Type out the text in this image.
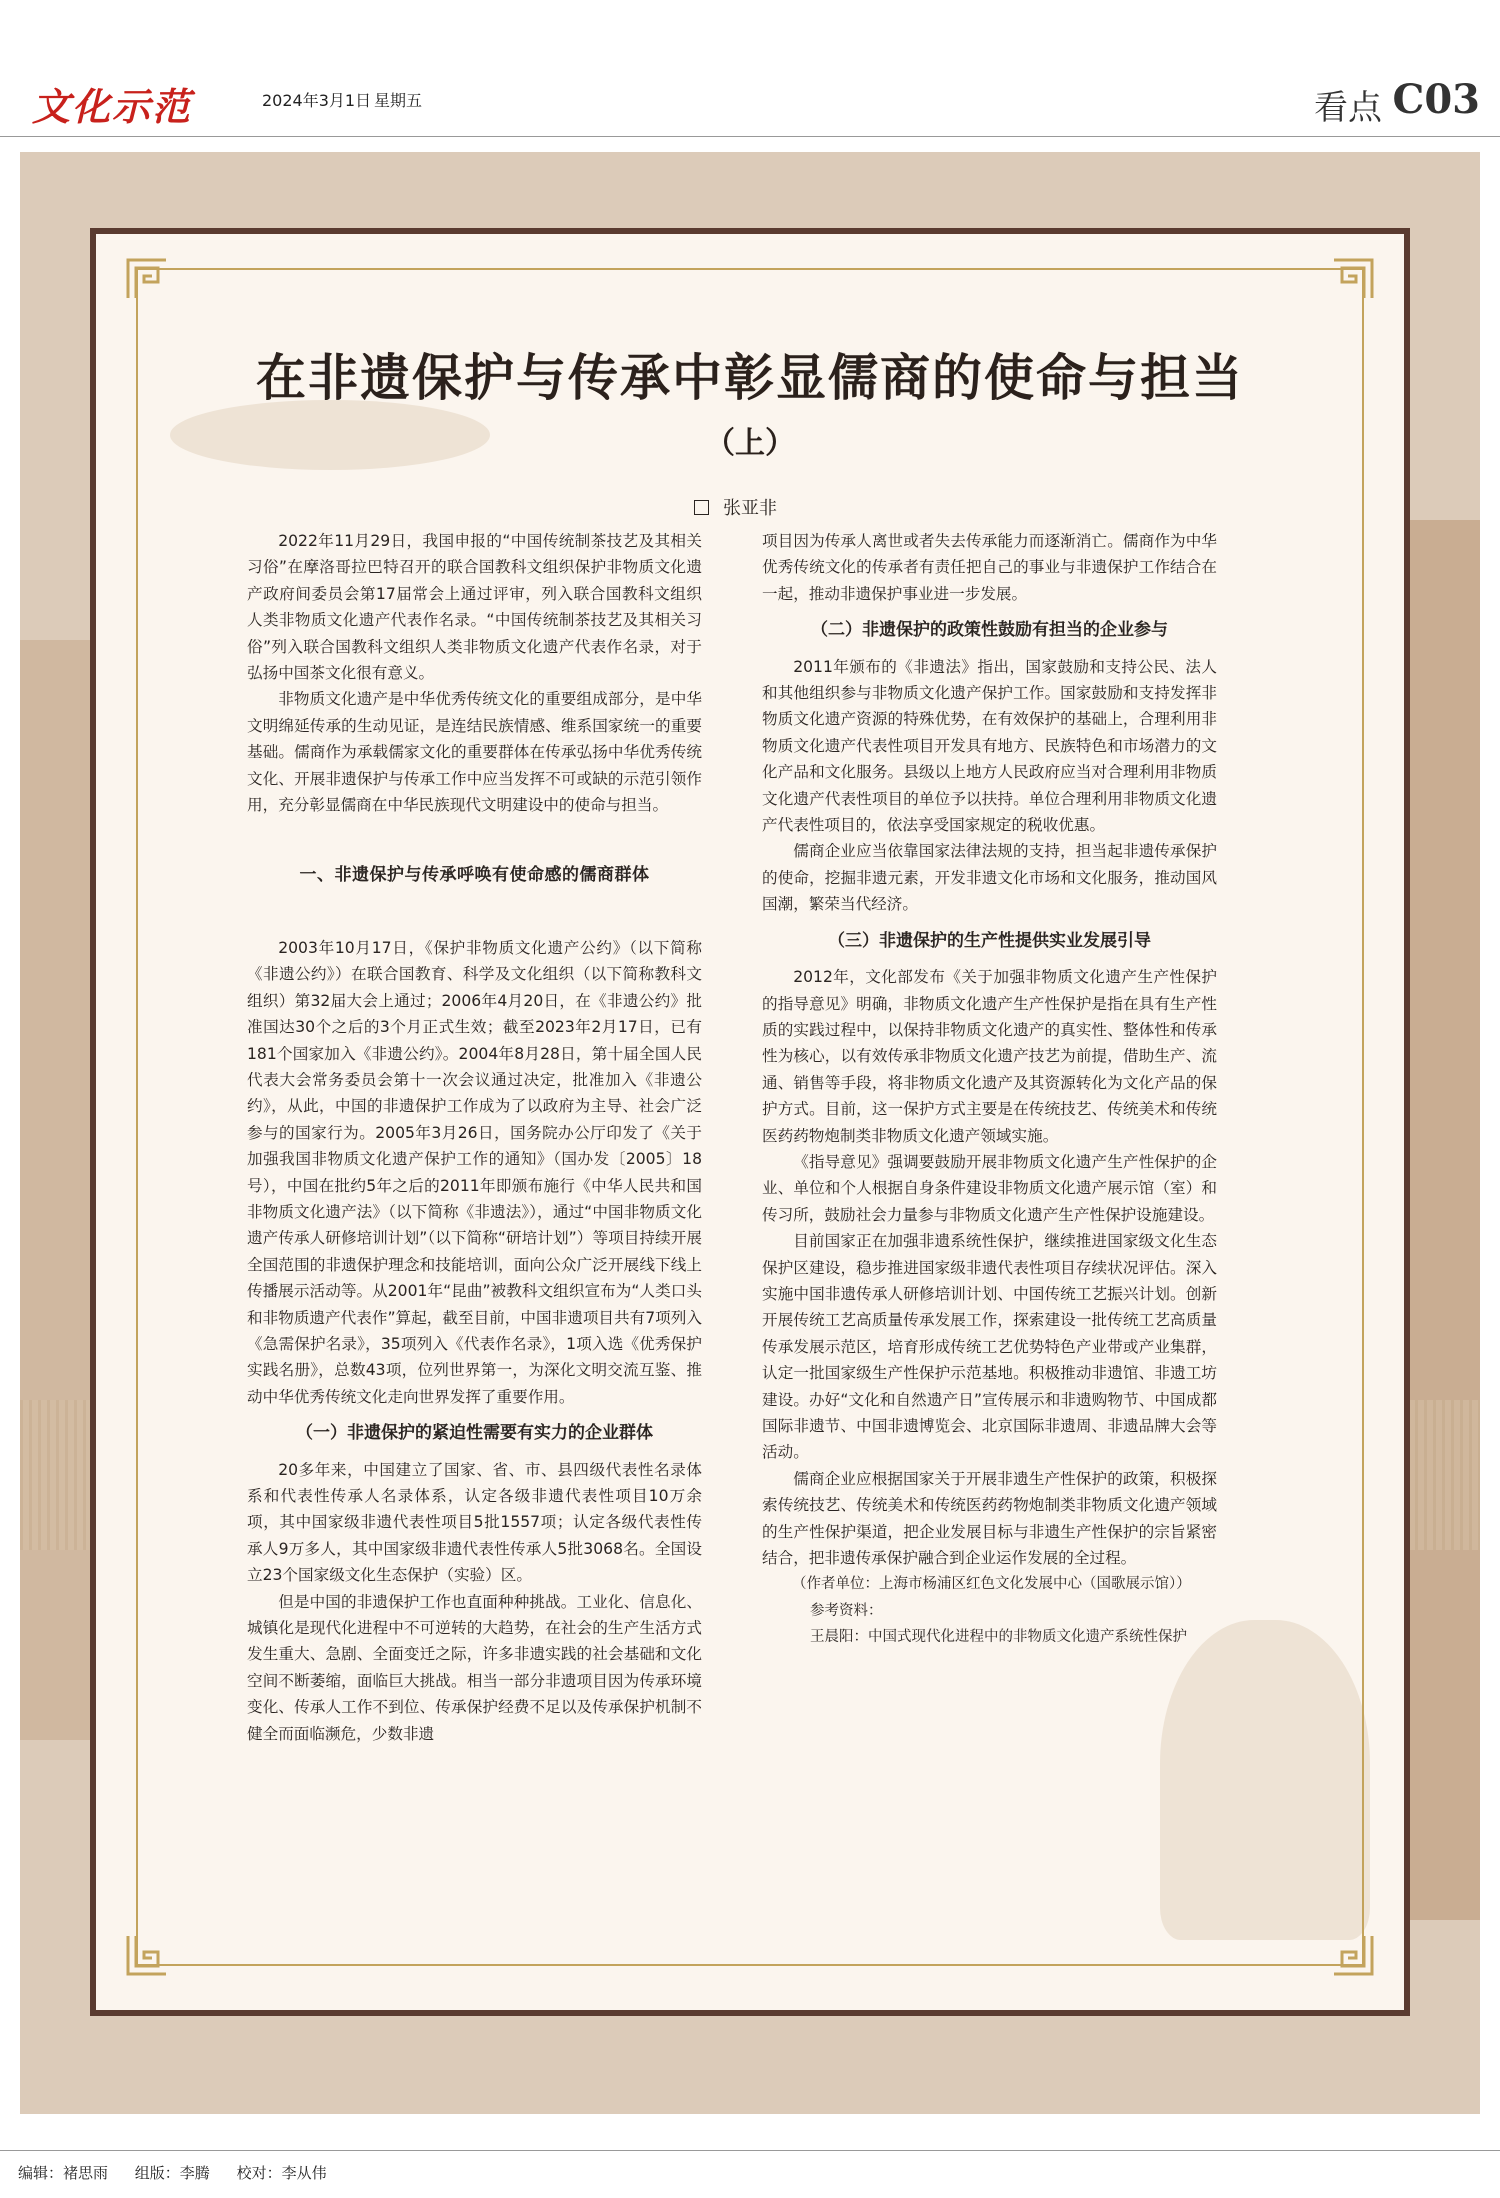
文化示范	2024年3月1日 星期五	看点 C03
在非遗保护与传承中彰显儒商的使命与担当
（上）
张亚非

2022年11月29日，我国申报的“中国传统制茶技艺及其相关习俗”在摩洛哥拉巴特召开的联合国教科文组织保护非物质文化遗产政府间委员会第17届常会上通过评审，列入联合国教科文组织人类非物质文化遗产代表作名录。“中国传统制茶技艺及其相关习俗”列入联合国教科文组织人类非物质文化遗产代表作名录，对于弘扬中国茶文化很有意义。

非物质文化遗产是中华优秀传统文化的重要组成部分，是中华文明绵延传承的生动见证，是连结民族情感、维系国家统一的重要基础。儒商作为承载儒家文化的重要群体在传承弘扬中华优秀传统文化、开展非遗保护与传承工作中应当发挥不可或缺的示范引领作用，充分彰显儒商在中华民族现代文明建设中的使命与担当。

一、非遗保护与传承呼唤有使命感的儒商群体

2003年10月17日，《保护非物质文化遗产公约》（以下简称《非遗公约》）在联合国教育、科学及文化组织（以下简称教科文组织）第32届大会上通过；2006年4月20日，在《非遗公约》批准国达30个之后的3个月正式生效；截至2023年2月17日，已有181个国家加入《非遗公约》。2004年8月28日，第十届全国人民代表大会常务委员会第十一次会议通过决定，批准加入《非遗公约》，从此，中国的非遗保护工作成为了以政府为主导、社会广泛参与的国家行为。2005年3月26日，国务院办公厅印发了《关于加强我国非物质文化遗产保护工作的通知》（国办发〔2005〕18号），中国在批约5年之后的2011年即颁布施行《中华人民共和国非物质文化遗产法》（以下简称《非遗法》），通过“中国非物质文化遗产传承人研修培训计划”（以下简称“研培计划”）等项目持续开展全国范围的非遗保护理念和技能培训，面向公众广泛开展线下线上传播展示活动等。从2001年“昆曲”被教科文组织宣布为“人类口头和非物质遗产代表作”算起，截至目前，中国非遗项目共有7项列入《急需保护名录》，35项列入《代表作名录》，1项入选《优秀保护实践名册》，总数43项，位列世界第一，为深化文明交流互鉴、推动中华优秀传统文化走向世界发挥了重要作用。

（一）非遗保护的紧迫性需要有实力的企业群体

20多年来，中国建立了国家、省、市、县四级代表性名录体系和代表性传承人名录体系，认定各级非遗代表性项目10万余项，其中国家级非遗代表性项目5批1557项；认定各级代表性传承人9万多人，其中国家级非遗代表性传承人5批3068名。全国设立23个国家级文化生态保护（实验）区。

但是中国的非遗保护工作也直面种种挑战。工业化、信息化、城镇化是现代化进程中不可逆转的大趋势，在社会的生产生活方式发生重大、急剧、全面变迁之际，许多非遗实践的社会基础和文化空间不断萎缩，面临巨大挑战。相当一部分非遗项目因为传承环境变化、传承人工作不到位、传承保护经费不足以及传承保护机制不健全而面临濒危，少数非遗

项目因为传承人离世或者失去传承能力而逐渐消亡。儒商作为中华优秀传统文化的传承者有责任把自己的事业与非遗保护工作结合在一起，推动非遗保护事业进一步发展。

（二）非遗保护的政策性鼓励有担当的企业参与

2011年颁布的《非遗法》指出，国家鼓励和支持公民、法人和其他组织参与非物质文化遗产保护工作。国家鼓励和支持发挥非物质文化遗产资源的特殊优势，在有效保护的基础上，合理利用非物质文化遗产代表性项目开发具有地方、民族特色和市场潜力的文化产品和文化服务。县级以上地方人民政府应当对合理利用非物质文化遗产代表性项目的单位予以扶持。单位合理利用非物质文化遗产代表性项目的，依法享受国家规定的税收优惠。

儒商企业应当依靠国家法律法规的支持，担当起非遗传承保护的使命，挖掘非遗元素，开发非遗文化市场和文化服务，推动国风国潮，繁荣当代经济。

（三）非遗保护的生产性提供实业发展引导

2012年，文化部发布《关于加强非物质文化遗产生产性保护的指导意见》明确，非物质文化遗产生产性保护是指在具有生产性质的实践过程中，以保持非物质文化遗产的真实性、整体性和传承性为核心，以有效传承非物质文化遗产技艺为前提，借助生产、流通、销售等手段，将非物质文化遗产及其资源转化为文化产品的保护方式。目前，这一保护方式主要是在传统技艺、传统美术和传统医药药物炮制类非物质文化遗产领域实施。

《指导意见》强调要鼓励开展非物质文化遗产生产性保护的企业、单位和个人根据自身条件建设非物质文化遗产展示馆（室）和传习所，鼓励社会力量参与非物质文化遗产生产性保护设施建设。

目前国家正在加强非遗系统性保护，继续推进国家级文化生态保护区建设，稳步推进国家级非遗代表性项目存续状况评估。深入实施中国非遗传承人研修培训计划、中国传统工艺振兴计划。创新开展传统工艺高质量传承发展工作，探索建设一批传统工艺高质量传承发展示范区，培育形成传统工艺优势特色产业带或产业集群，认定一批国家级生产性保护示范基地。积极推动非遗馆、非遗工坊建设。办好“文化和自然遗产日”宣传展示和非遗购物节、中国成都国际非遗节、中国非遗博览会、北京国际非遗周、非遗品牌大会等活动。

儒商企业应根据国家关于开展非遗生产性保护的政策，积极探索传统技艺、传统美术和传统医药药物炮制类非物质文化遗产领域的生产性保护渠道，把企业发展目标与非遗生产性保护的宗旨紧密结合，把非遗传承保护融合到企业运作发展的全过程。

（作者单位：上海市杨浦区红色文化发展中心（国歌展示馆））

参考资料：

王晨阳：中国式现代化进程中的非物质文化遗产系统性保护

编辑：褚思雨 组版：李腾 校对：李从伟
